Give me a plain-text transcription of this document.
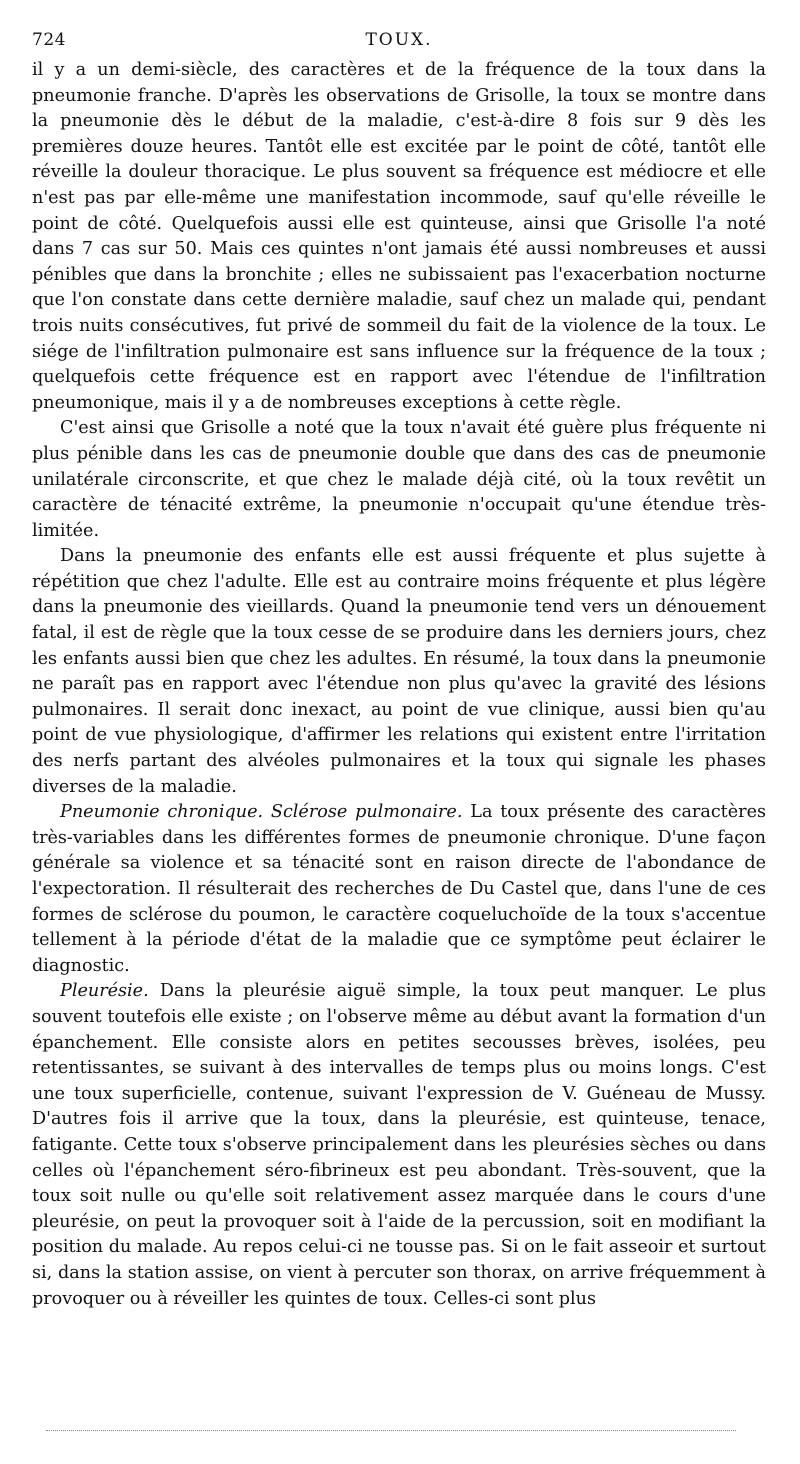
724	TOUX.

il y a un demi-siècle, des caractères et de la fréquence de la toux dans la pneumonie franche. D'après les observations de Grisolle, la toux se montre dans la pneumonie dès le début de la maladie, c'est-à-dire 8 fois sur 9 dès les premières douze heures. Tantôt elle est excitée par le point de côté, tantôt elle réveille la douleur thoracique. Le plus souvent sa fréquence est médiocre et elle n'est pas par elle-même une manifestation incommode, sauf qu'elle réveille le point de côté. Quelquefois aussi elle est quinteuse, ainsi que Grisolle l'a noté dans 7 cas sur 50. Mais ces quintes n'ont jamais été aussi nombreuses et aussi pénibles que dans la bronchite ; elles ne subissaient pas l'exacerbation nocturne que l'on constate dans cette dernière maladie, sauf chez un malade qui, pendant trois nuits consécutives, fut privé de sommeil du fait de la violence de la toux. Le siége de l'infiltration pulmonaire est sans influence sur la fréquence de la toux ; quelquefois cette fréquence est en rapport avec l'étendue de l'infiltration pneumonique, mais il y a de nombreuses exceptions à cette règle.

C'est ainsi que Grisolle a noté que la toux n'avait été guère plus fréquente ni plus pénible dans les cas de pneumonie double que dans des cas de pneumonie unilatérale circonscrite, et que chez le malade déjà cité, où la toux revêtit un caractère de ténacité extrême, la pneumonie n'occupait qu'une étendue très-limitée.

Dans la pneumonie des enfants elle est aussi fréquente et plus sujette à répétition que chez l'adulte. Elle est au contraire moins fréquente et plus légère dans la pneumonie des vieillards. Quand la pneumonie tend vers un dénouement fatal, il est de règle que la toux cesse de se produire dans les derniers jours, chez les enfants aussi bien que chez les adultes. En résumé, la toux dans la pneumonie ne paraît pas en rapport avec l'étendue non plus qu'avec la gravité des lésions pulmonaires. Il serait donc inexact, au point de vue clinique, aussi bien qu'au point de vue physiologique, d'affirmer les relations qui existent entre l'irritation des nerfs partant des alvéoles pulmonaires et la toux qui signale les phases diverses de la maladie.

Pneumonie chronique. Sclérose pulmonaire. La toux présente des caractères très-variables dans les différentes formes de pneumonie chronique. D'une façon générale sa violence et sa ténacité sont en raison directe de l'abondance de l'expectoration. Il résulterait des recherches de Du Castel que, dans l'une de ces formes de sclérose du poumon, le caractère coqueluchoïde de la toux s'accentue tellement à la période d'état de la maladie que ce symptôme peut éclairer le diagnostic.

Pleurésie. Dans la pleurésie aiguë simple, la toux peut manquer. Le plus souvent toutefois elle existe ; on l'observe même au début avant la formation d'un épanchement. Elle consiste alors en petites secousses brèves, isolées, peu retentissantes, se suivant à des intervalles de temps plus ou moins longs. C'est une toux superficielle, contenue, suivant l'expression de V. Guéneau de Mussy. D'autres fois il arrive que la toux, dans la pleurésie, est quinteuse, tenace, fatigante. Cette toux s'observe principalement dans les pleurésies sèches ou dans celles où l'épanchement séro-fibrineux est peu abondant. Très-souvent, que la toux soit nulle ou qu'elle soit relativement assez marquée dans le cours d'une pleurésie, on peut la provoquer soit à l'aide de la percussion, soit en modifiant la position du malade. Au repos celui-ci ne tousse pas. Si on le fait asseoir et surtout si, dans la station assise, on vient à percuter son thorax, on arrive fréquemment à provoquer ou à réveiller les quintes de toux. Celles-ci sont plus
